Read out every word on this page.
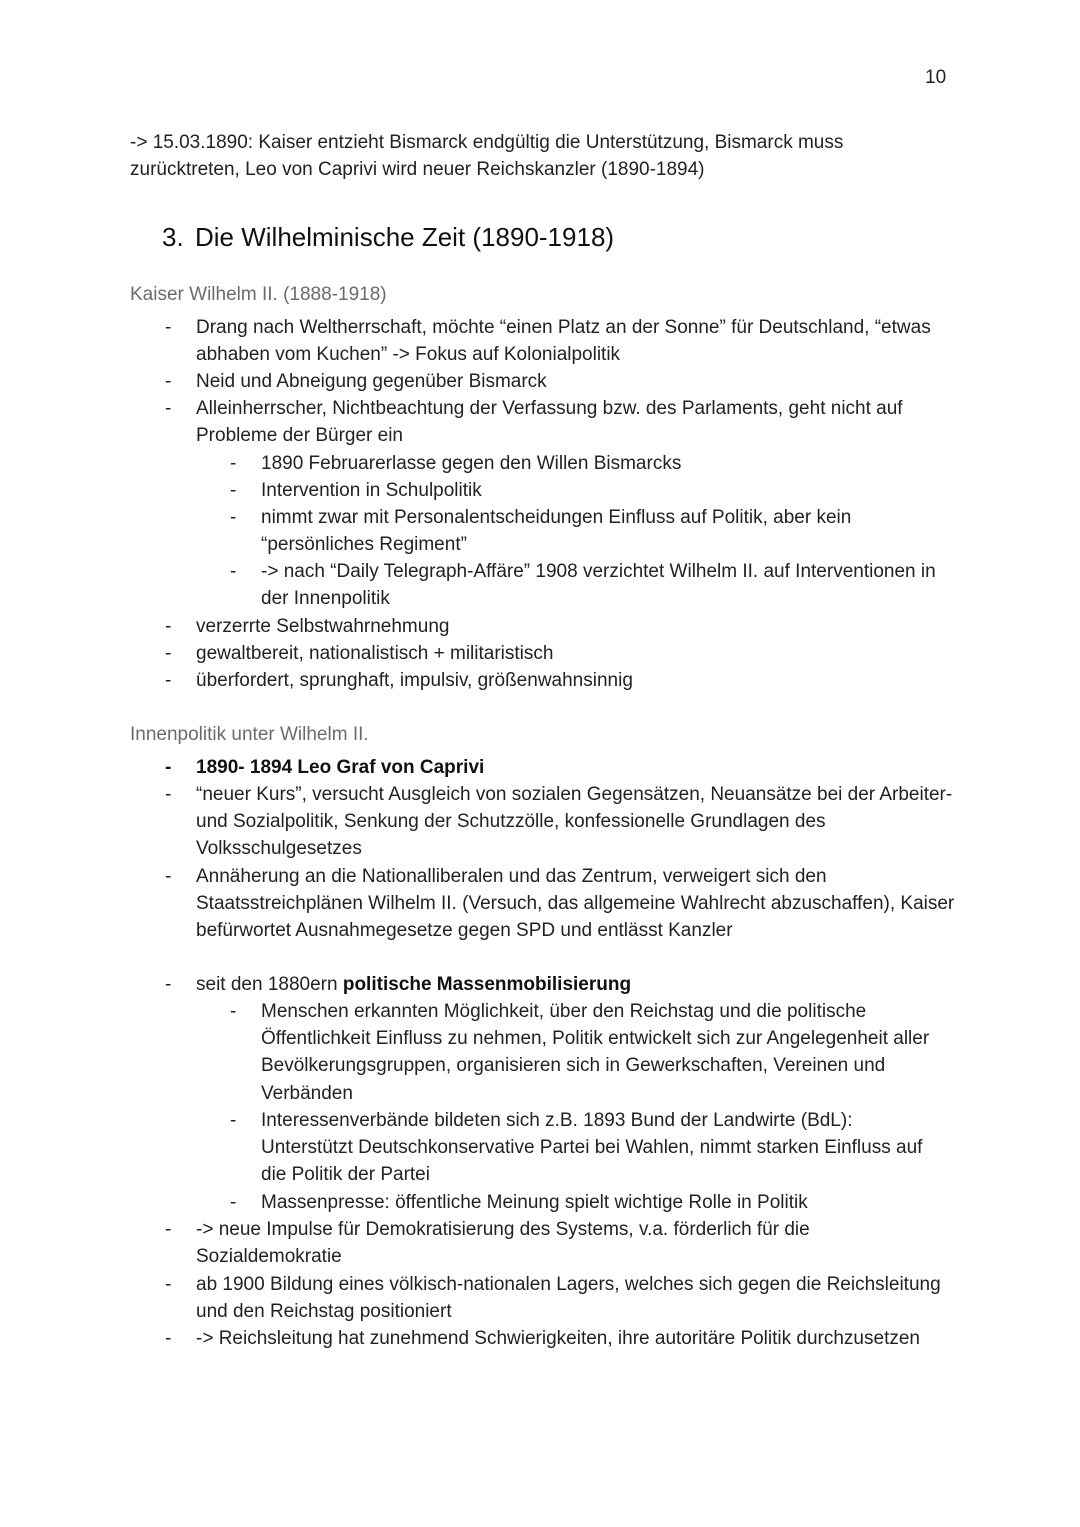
10
-> 15.03.1890: Kaiser entzieht Bismarck endgültig die Unterstützung, Bismarck muss zurücktreten, Leo von Caprivi wird neuer Reichskanzler (1890-1894)
3. Die Wilhelminische Zeit (1890-1918)
Kaiser Wilhelm II. (1888-1918)
- Drang nach Weltherrschaft, möchte “einen Platz an der Sonne” für Deutschland, “etwas abhaben vom Kuchen” -> Fokus auf Kolonialpolitik
- Neid und Abneigung gegenüber Bismarck
- Alleinherrscher, Nichtbeachtung der Verfassung bzw. des Parlaments, geht nicht auf Probleme der Bürger ein
- 1890 Februarerlasse gegen den Willen Bismarcks
- Intervention in Schulpolitik
- nimmt zwar mit Personalentscheidungen Einfluss auf Politik, aber kein “persönliches Regiment”
- -> nach “Daily Telegraph-Affäre” 1908 verzichtet Wilhelm II. auf Interventionen in der Innenpolitik
- verzerrte Selbstwahrnehmung
- gewaltbereit, nationalistisch + militaristisch
- überfordert, sprunghaft, impulsiv, größenwahnsinnig
Innenpolitik unter Wilhelm II.
- 1890- 1894 Leo Graf von Caprivi
- “neuer Kurs”, versucht Ausgleich von sozialen Gegensätzen, Neuansätze bei der Arbeiter- und Sozialpolitik, Senkung der Schutzzölle, konfessionelle Grundlagen des Volksschulgesetzes
- Annäherung an die Nationalliberalen und das Zentrum, verweigert sich den Staatsstreichplänen Wilhelm II. (Versuch, das allgemeine Wahlrecht abzuschaffen), Kaiser befürwortet Ausnahmegesetze gegen SPD und entlässt Kanzler
- seit den 1880ern politische Massenmobilisierung
- Menschen erkannten Möglichkeit, über den Reichstag und die politische Öffentlichkeit Einfluss zu nehmen, Politik entwickelt sich zur Angelegenheit aller Bevölkerungsgruppen, organisieren sich in Gewerkschaften, Vereinen und Verbänden
- Interessenverbände bildeten sich z.B. 1893 Bund der Landwirte (BdL): Unterstützt Deutschkonservative Partei bei Wahlen, nimmt starken Einfluss auf die Politik der Partei
- Massenpresse: öffentliche Meinung spielt wichtige Rolle in Politik
- -> neue Impulse für Demokratisierung des Systems, v.a. förderlich für die Sozialdemokratie
- ab 1900 Bildung eines völkisch-nationalen Lagers, welches sich gegen die Reichsleitung und den Reichstag positioniert
- -> Reichsleitung hat zunehmend Schwierigkeiten, ihre autoritäre Politik durchzusetzen
